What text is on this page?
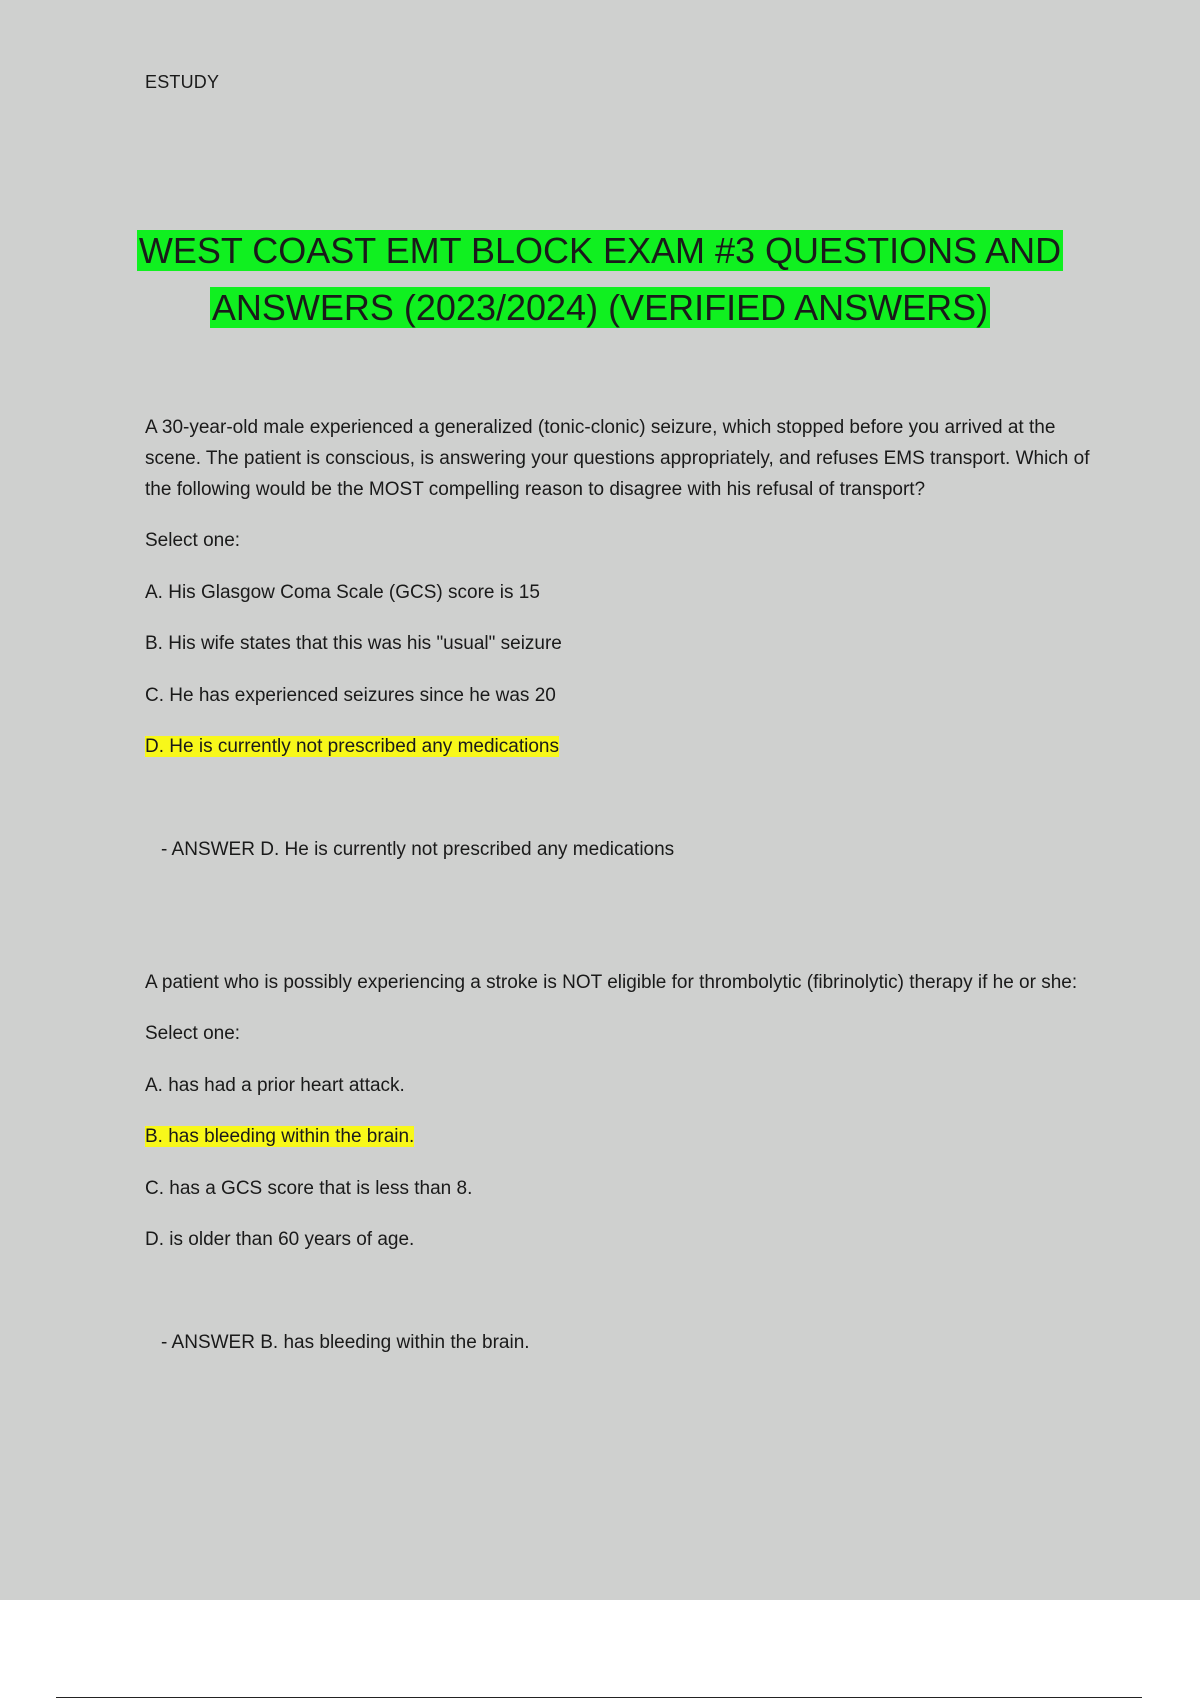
ESTUDY
WEST COAST EMT BLOCK EXAM #3 QUESTIONS AND
ANSWERS (2023/2024) (VERIFIED ANSWERS)
A 30-year-old male experienced a generalized (tonic-clonic) seizure, which stopped before you arrived at the scene. The patient is conscious, is answering your questions appropriately, and refuses EMS transport. Which of the following would be the MOST compelling reason to disagree with his refusal of transport?
Select one:
A. His Glasgow Coma Scale (GCS) score is 15
B. His wife states that this was his "usual" seizure
C. He has experienced seizures since he was 20
D. He is currently not prescribed any medications
- ANSWER D. He is currently not prescribed any medications
A patient who is possibly experiencing a stroke is NOT eligible for thrombolytic (fibrinolytic) therapy if he or she:
Select one:
A. has had a prior heart attack.
B. has bleeding within the brain.
C. has a GCS score that is less than 8.
D. is older than 60 years of age.
- ANSWER B. has bleeding within the brain.
